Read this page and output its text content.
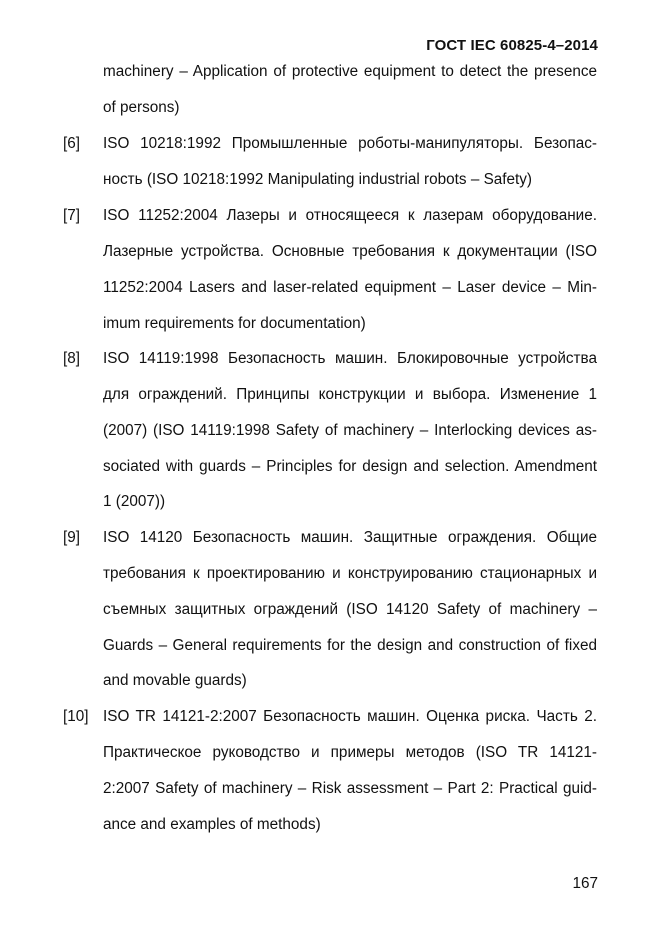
ГОСТ IEC 60825-4–2014
machinery – Application of protective equipment to detect the presence
of persons)
[6] ISO 10218:1992 Промышленные роботы-манипуляторы. Безопас-
ность (ISO 10218:1992 Manipulating industrial robots – Safety)
[7] ISO 11252:2004 Лазеры и относящееся к лазерам оборудование.
Лазерные устройства. Основные требования к документации (ISO
11252:2004 Lasers and laser-related equipment – Laser device – Min-
imum requirements for documentation)
[8] ISO 14119:1998 Безопасность машин. Блокировочные устройства
для ограждений. Принципы конструкции и выбора. Изменение 1
(2007) (ISO 14119:1998 Safety of machinery – Interlocking devices as-
sociated with guards – Principles for design and selection. Amendment
1 (2007))
[9] ISO 14120 Безопасность машин. Защитные ограждения. Общие
требования к проектированию и конструированию стационарных и
съемных защитных ограждений (ISO 14120 Safety of machinery –
Guards – General requirements for the design and construction of fixed
and movable guards)
[10] ISO TR 14121-2:2007 Безопасность машин. Оценка риска. Часть 2.
Практическое руководство и примеры методов (ISO TR 14121-
2:2007 Safety of machinery – Risk assessment – Part 2: Practical guid-
ance and examples of methods)
167
